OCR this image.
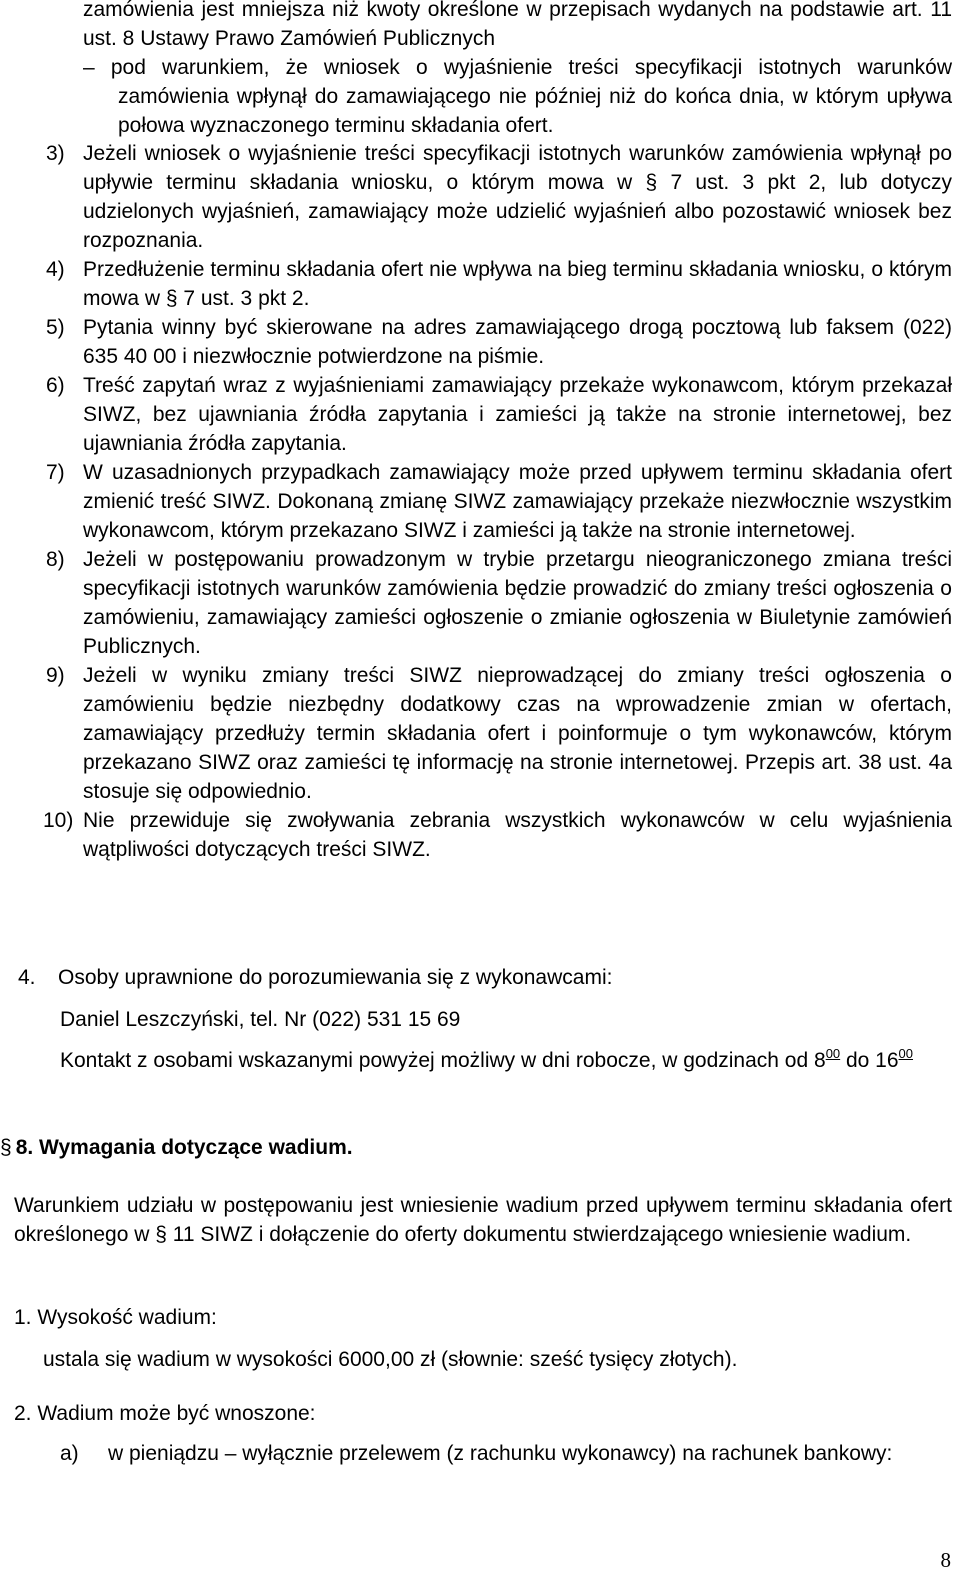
zamówienia jest mniejsza niż kwoty określone w przepisach wydanych na podstawie art. 11 ust. 8 Ustawy Prawo Zamówień Publicznych
– pod warunkiem, że wniosek o wyjaśnienie treści specyfikacji istotnych warunków zamówienia wpłynął do zamawiającego nie później niż do końca dnia, w którym upływa połowa wyznaczonego terminu składania ofert.
3) Jeżeli wniosek o wyjaśnienie treści specyfikacji istotnych warunków zamówienia wpłynął po upływie terminu składania wniosku, o którym mowa w § 7 ust. 3 pkt 2, lub dotyczy udzielonych wyjaśnień, zamawiający może udzielić wyjaśnień albo pozostawić wniosek bez rozpoznania.
4) Przedłużenie terminu składania ofert nie wpływa na bieg terminu składania wniosku, o którym mowa w § 7 ust. 3 pkt 2.
5) Pytania winny być skierowane na adres zamawiającego drogą pocztową lub faksem (022) 635 40 00 i niezwłocznie potwierdzone na piśmie.
6) Treść zapytań wraz z wyjaśnieniami zamawiający przekaże wykonawcom, którym przekazał SIWZ, bez ujawniania źródła zapytania i zamieści ją także na stronie internetowej, bez ujawniania źródła zapytania.
7) W uzasadnionych przypadkach zamawiający może przed upływem terminu składania ofert zmienić treść SIWZ. Dokonaną zmianę SIWZ zamawiający przekaże niezwłocznie wszystkim wykonawcom, którym przekazano SIWZ i zamieści ją także na stronie internetowej.
8) Jeżeli w postępowaniu prowadzonym w trybie przetargu nieograniczonego zmiana treści specyfikacji istotnych warunków zamówienia będzie prowadzić do zmiany treści ogłoszenia o zamówieniu, zamawiający zamieści ogłoszenie o zmianie ogłoszenia w Biuletynie zamówień Publicznych.
9) Jeżeli w wyniku zmiany treści SIWZ nieprowadzącej do zmiany treści ogłoszenia o zamówieniu będzie niezbędny dodatkowy czas na wprowadzenie zmian w ofertach, zamawiający przedłuży termin składania ofert i poinformuje o tym wykonawców, którym przekazano SIWZ oraz zamieści tę informację na stronie internetowej. Przepis art. 38 ust. 4a stosuje się odpowiednio.
10) Nie przewiduje się zwoływania zebrania wszystkich wykonawców w celu wyjaśnienia wątpliwości dotyczących treści SIWZ.
4. Osoby uprawnione do porozumiewania się z wykonawcami:
Daniel Leszczyński, tel. Nr (022) 531 15 69
Kontakt z osobami wskazanymi powyżej możliwy w dni robocze, w godzinach od $8^{00}$ do $16^{00}$
§ 8. Wymagania dotyczące wadium.
Warunkiem udziału w postępowaniu jest wniesienie wadium przed upływem terminu składania ofert określonego w § 11 SIWZ i dołączenie do oferty dokumentu stwierdzającego wniesienie wadium.
1. Wysokość wadium:
ustala się wadium w wysokości 6000,00 zł (słownie: sześć tysięcy złotych).
2. Wadium może być wnoszone:
a) w pieniądzu – wyłącznie przelewem (z rachunku wykonawcy) na rachunek bankowy:
8
